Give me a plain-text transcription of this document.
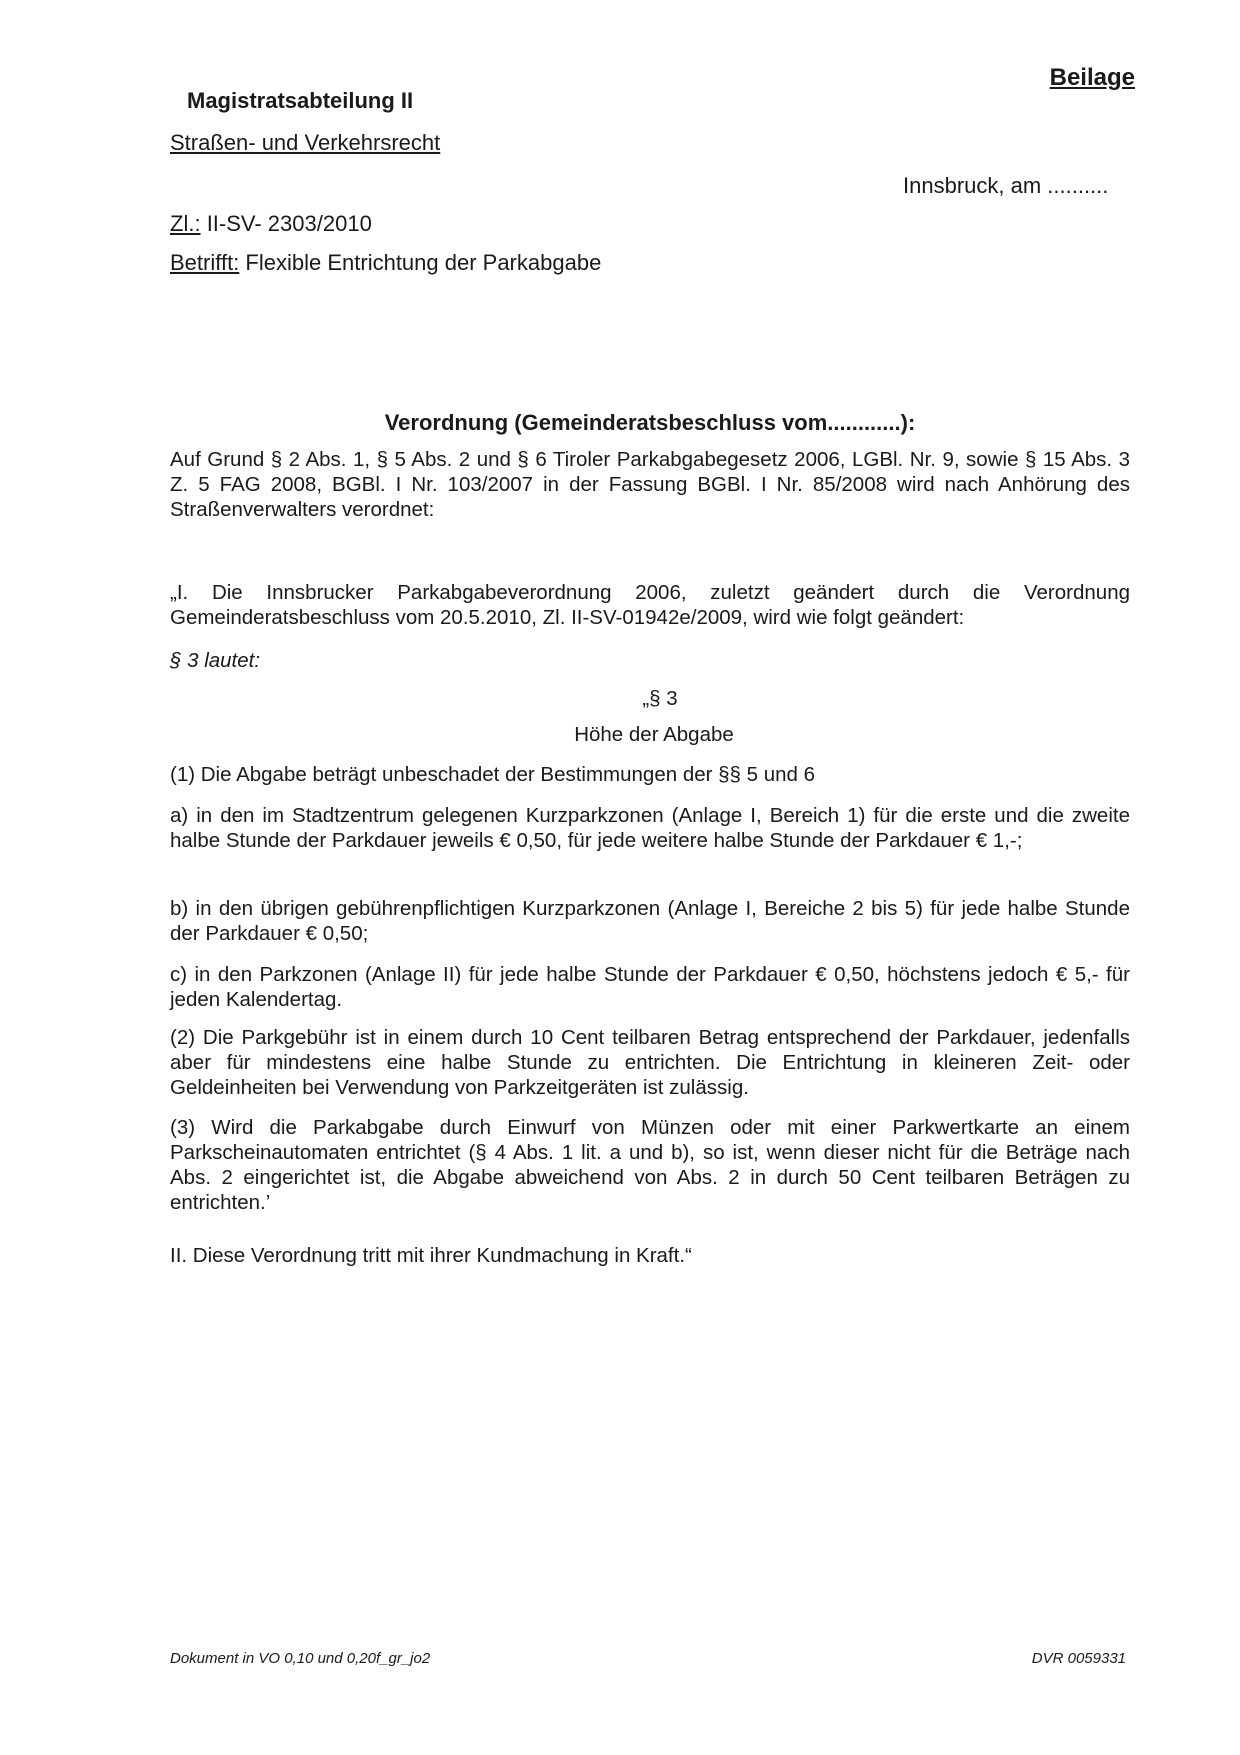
Magistratsabteilung II
Straßen- und Verkehrsrecht
Beilage
Innsbruck, am ..........
Zl.: II-SV- 2303/2010
Betrifft: Flexible Entrichtung der Parkabgabe
Verordnung (Gemeinderatsbeschluss vom............):

Auf Grund § 2 Abs. 1, § 5 Abs. 2 und § 6 Tiroler Parkabgabegesetz 2006, LGBl. Nr. 9, sowie § 15 Abs. 3 Z. 5 FAG 2008, BGBl. I Nr. 103/2007 in der Fassung BGBl. I Nr. 85/2008 wird nach Anhörung des Straßenverwalters verordnet:

„I. Die Innsbrucker Parkabgabeverordnung 2006, zuletzt geändert durch die Verordnung Gemeinderatsbeschluss vom 20.5.2010, Zl. II-SV-01942e/2009, wird wie folgt geändert:

§ 3 lautet:

„§ 3
Höhe der Abgabe

(1) Die Abgabe beträgt unbeschadet der Bestimmungen der §§ 5 und 6

a) in den im Stadtzentrum gelegenen Kurzparkzonen (Anlage I, Bereich 1) für die erste und die zweite halbe Stunde der Parkdauer jeweils € 0,50, für jede weitere halbe Stunde der Parkdauer € 1,-;

b) in den übrigen gebührenpflichtigen Kurzparkzonen (Anlage I, Bereiche 2 bis 5) für jede halbe Stunde der Parkdauer € 0,50;

c) in den Parkzonen (Anlage II) für jede halbe Stunde der Parkdauer € 0,50, höchstens jedoch € 5,- für jeden Kalendertag.

(2) Die Parkgebühr ist in einem durch 10 Cent teilbaren Betrag entsprechend der Parkdauer, jedenfalls aber für mindestens eine halbe Stunde zu entrichten. Die Entrichtung in kleineren Zeit- oder Geldeinheiten bei Verwendung von Parkzeitgeräten ist zulässig.

(3) Wird die Parkabgabe durch Einwurf von Münzen oder mit einer Parkwertkarte an einem Parkscheinautomaten entrichtet (§ 4 Abs. 1 lit. a und b), so ist, wenn dieser nicht für die Beträge nach Abs. 2 eingerichtet ist, die Abgabe abweichend von Abs. 2 in durch 50 Cent teilbaren Beträgen zu entrichten.’

II. Diese Verordnung tritt mit ihrer Kundmachung in Kraft.“

Dokument in VO 0,10 und 0,20f_gr_jo2	DVR 0059331
